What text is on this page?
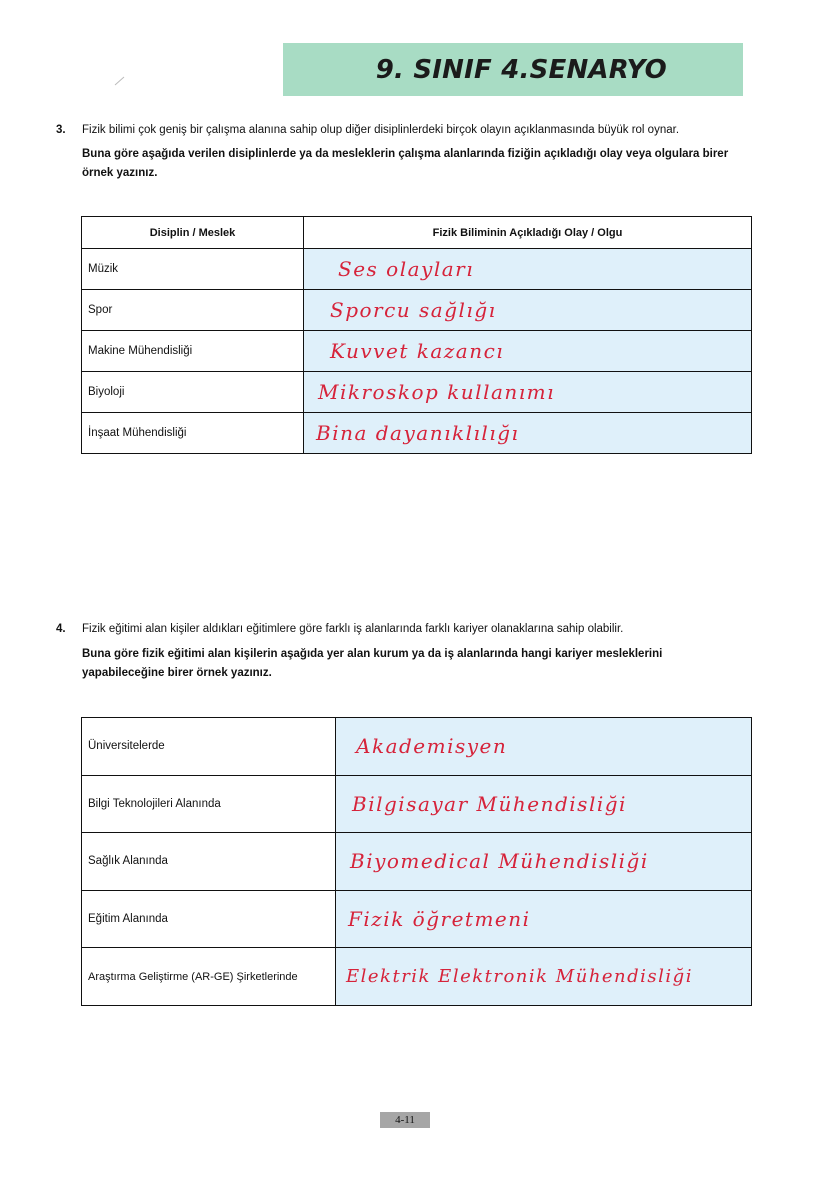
9. SINIF 4.SENARYO
3. Fizik bilimi çok geniş bir çalışma alanına sahip olup diğer disiplinlerdeki birçok olayın açıklanmasında büyük rol oynar.
Buna göre aşağıda verilen disiplinlerde ya da mesleklerin çalışma alanlarında fiziğin açıkladığı olay veya olgulara birer örnek yazınız.
Disiplin / Meslek	Fizik Biliminin Açıkladığı Olay / Olgu
Müzik	Ses olayları
Spor	Sporcu sağlığı
Makine Mühendisliği	Kuvvet kazancı
Biyoloji	Mikroskop kullanımı
İnşaat Mühendisliği	Bina dayanıklılığı
4. Fizik eğitimi alan kişiler aldıkları eğitimlere göre farklı iş alanlarında farklı kariyer olanaklarına sahip olabilir.
Buna göre fizik eğitimi alan kişilerin aşağıda yer alan kurum ya da iş alanlarında hangi kariyer mesleklerini yapabileceğine birer örnek yazınız.
Üniversitelerde	Akademisyen
Bilgi Teknolojileri Alanında	Bilgisayar Mühendisliği
Sağlık Alanında	Biyomedical Mühendisliği
Eğitim Alanında	Fizik öğretmeni
Araştırma Geliştirme (AR-GE) Şirketlerinde	Elektrik Elektronik Mühendisliği
4-11
